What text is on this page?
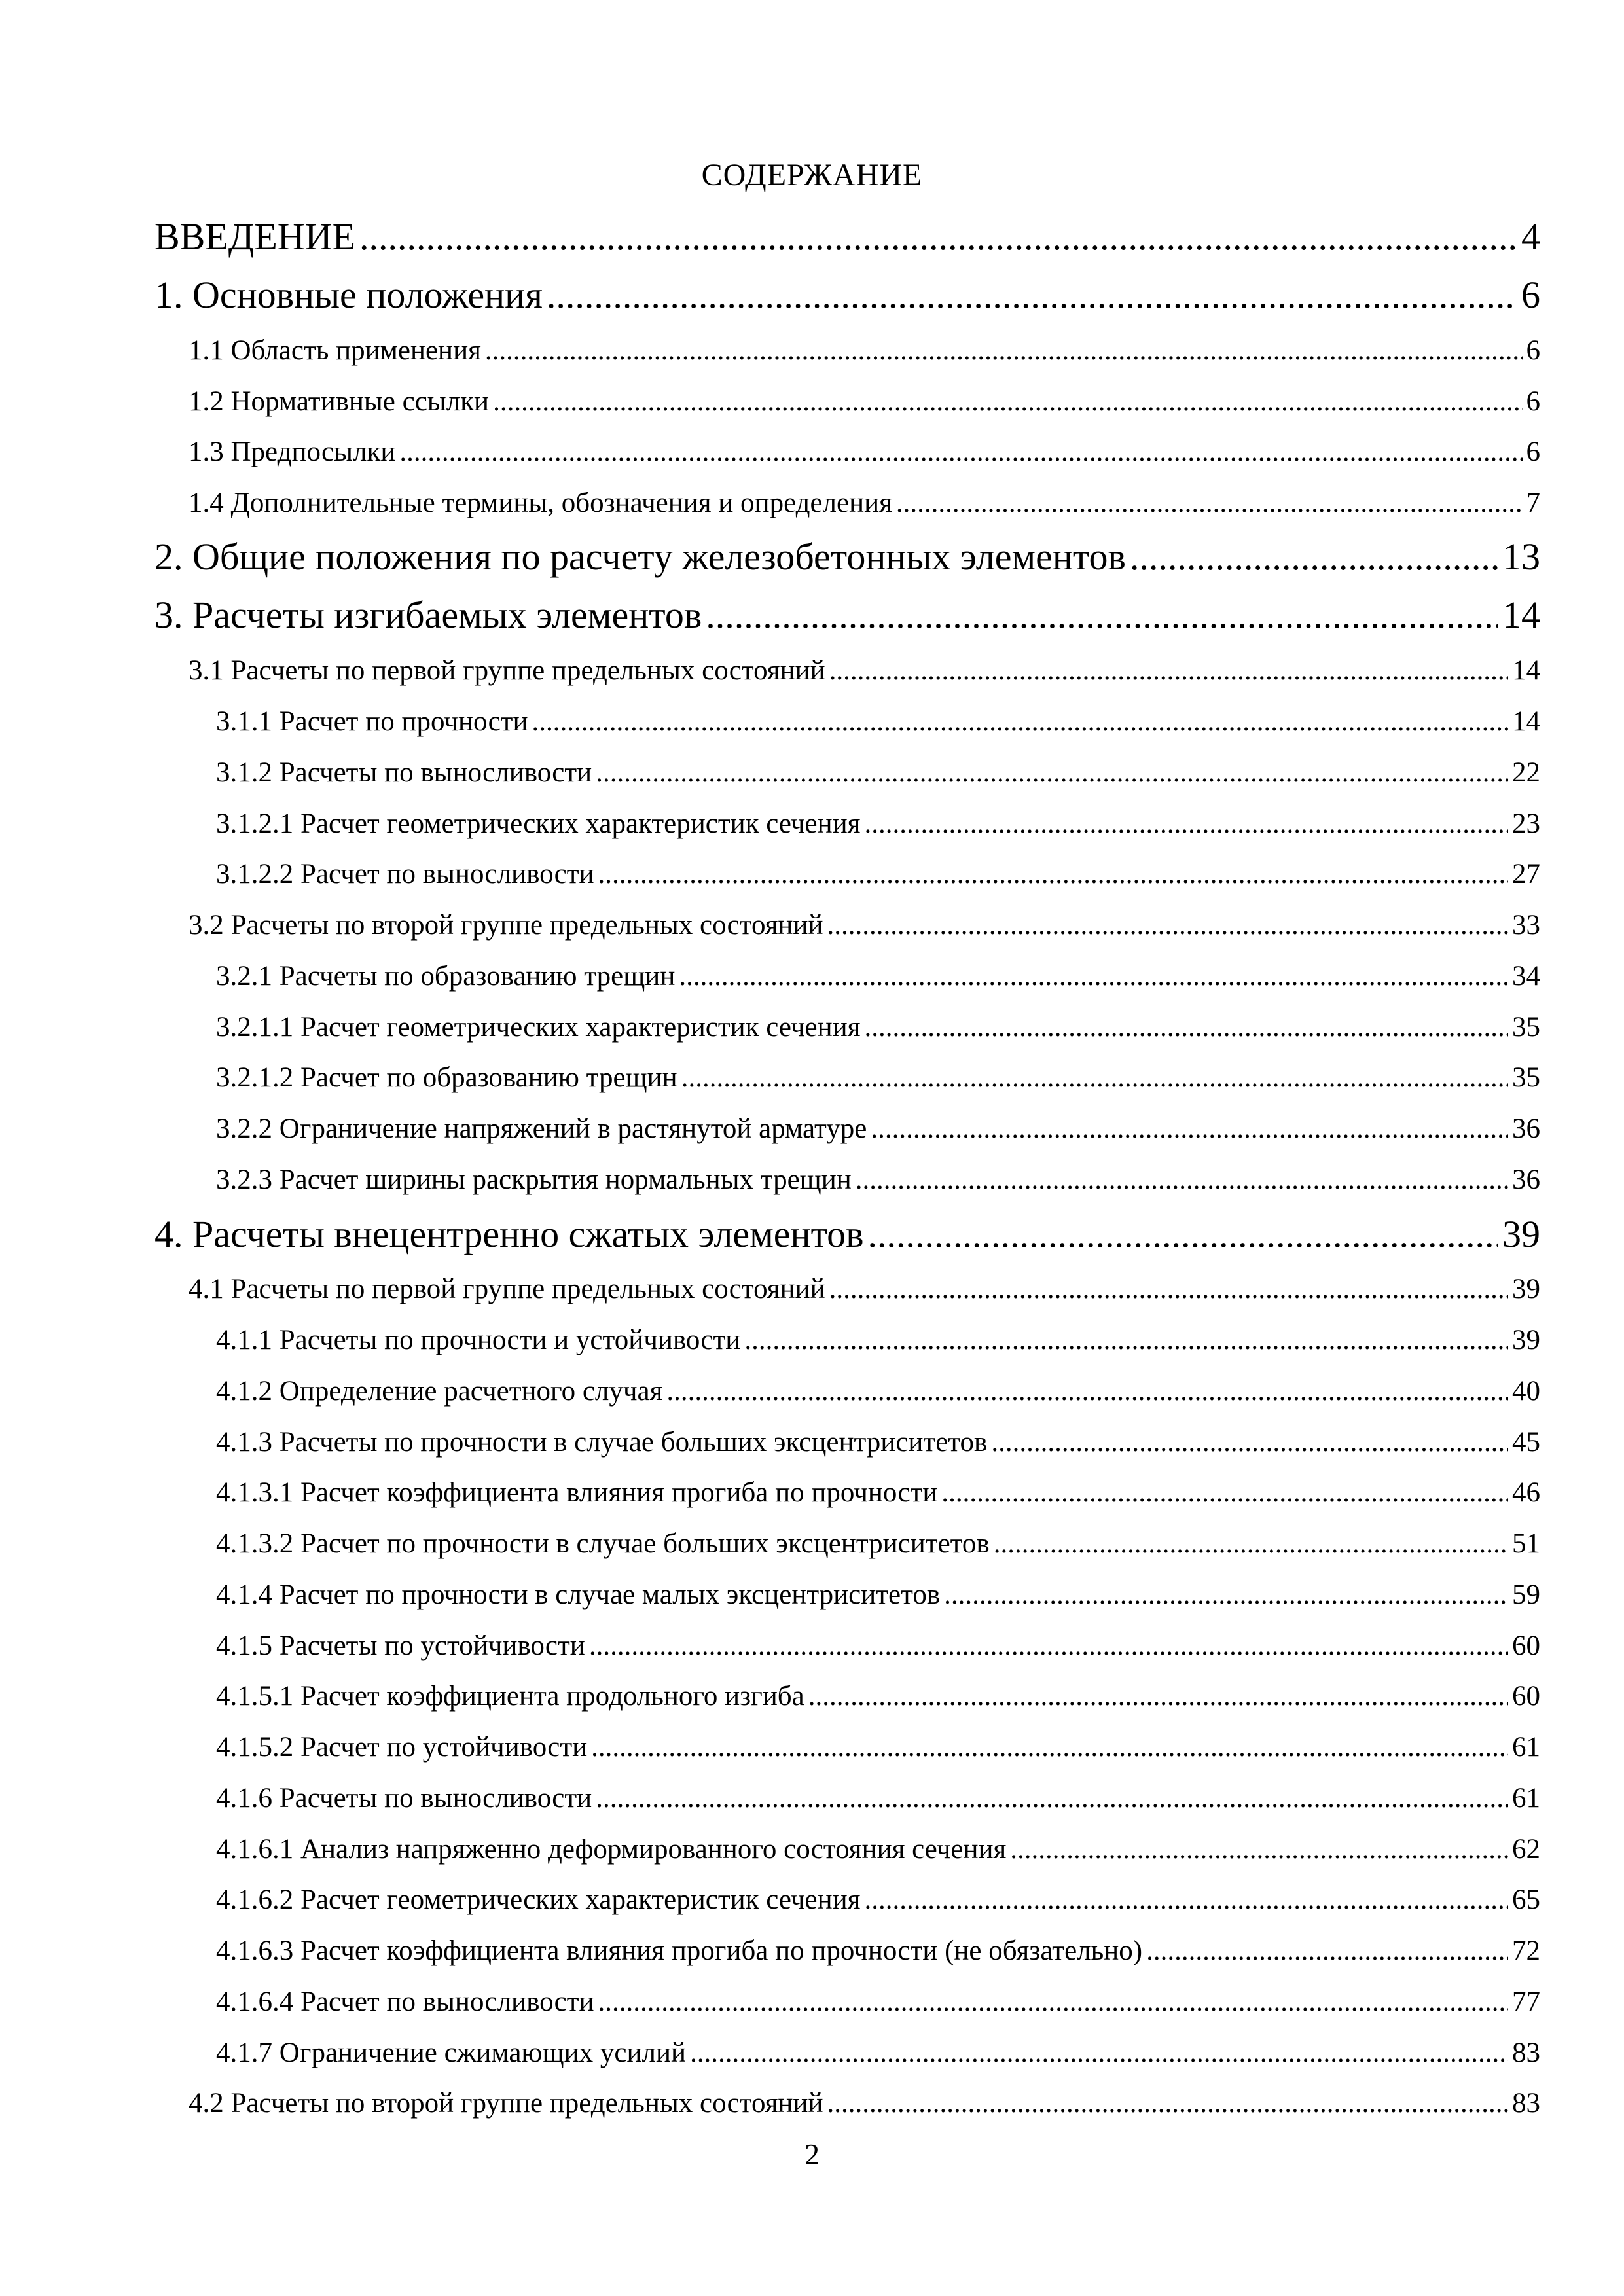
СОДЕРЖАНИЕ
ВВЕДЕНИЕ .....	4
1. Основные положения .....	6
1.1 Область применения .....	6
1.2 Нормативные ссылки .....	6
1.3 Предпосылки .....	6
1.4 Дополнительные термины, обозначения и определения .....	7
2. Общие положения по расчету железобетонных элементов .....	13
3. Расчеты изгибаемых элементов .....	14
3.1 Расчеты по первой группе предельных состояний .....	14
3.1.1 Расчет по прочности .....	14
3.1.2 Расчеты по выносливости .....	22
3.1.2.1 Расчет геометрических характеристик сечения .....	23
3.1.2.2 Расчет по выносливости .....	27
3.2 Расчеты по второй группе предельных состояний .....	33
3.2.1 Расчеты по образованию трещин .....	34
3.2.1.1 Расчет геометрических характеристик сечения .....	35
3.2.1.2 Расчет по образованию трещин .....	35
3.2.2 Ограничение напряжений в растянутой арматуре .....	36
3.2.3 Расчет ширины раскрытия нормальных трещин .....	36
4. Расчеты внецентренно сжатых элементов .....	39
4.1 Расчеты по первой группе предельных состояний .....	39
4.1.1 Расчеты по прочности и устойчивости .....	39
4.1.2 Определение расчетного случая .....	40
4.1.3 Расчеты по прочности в случае больших эксцентриситетов .....	45
4.1.3.1 Расчет коэффициента влияния прогиба по прочности .....	46
4.1.3.2 Расчет по прочности в случае больших эксцентриситетов .....	51
4.1.4 Расчет по прочности в случае малых эксцентриситетов .....	59
4.1.5 Расчеты по устойчивости .....	60
4.1.5.1 Расчет коэффициента продольного изгиба .....	60
4.1.5.2 Расчет по устойчивости .....	61
4.1.6 Расчеты по выносливости .....	61
4.1.6.1 Анализ напряженно деформированного состояния сечения .....	62
4.1.6.2 Расчет геометрических характеристик сечения .....	65
4.1.6.3 Расчет коэффициента влияния прогиба по прочности (не обязательно) .....	72
4.1.6.4 Расчет по выносливости .....	77
4.1.7 Ограничение сжимающих усилий .....	83
4.2 Расчеты по второй группе предельных состояний .....	83
2
